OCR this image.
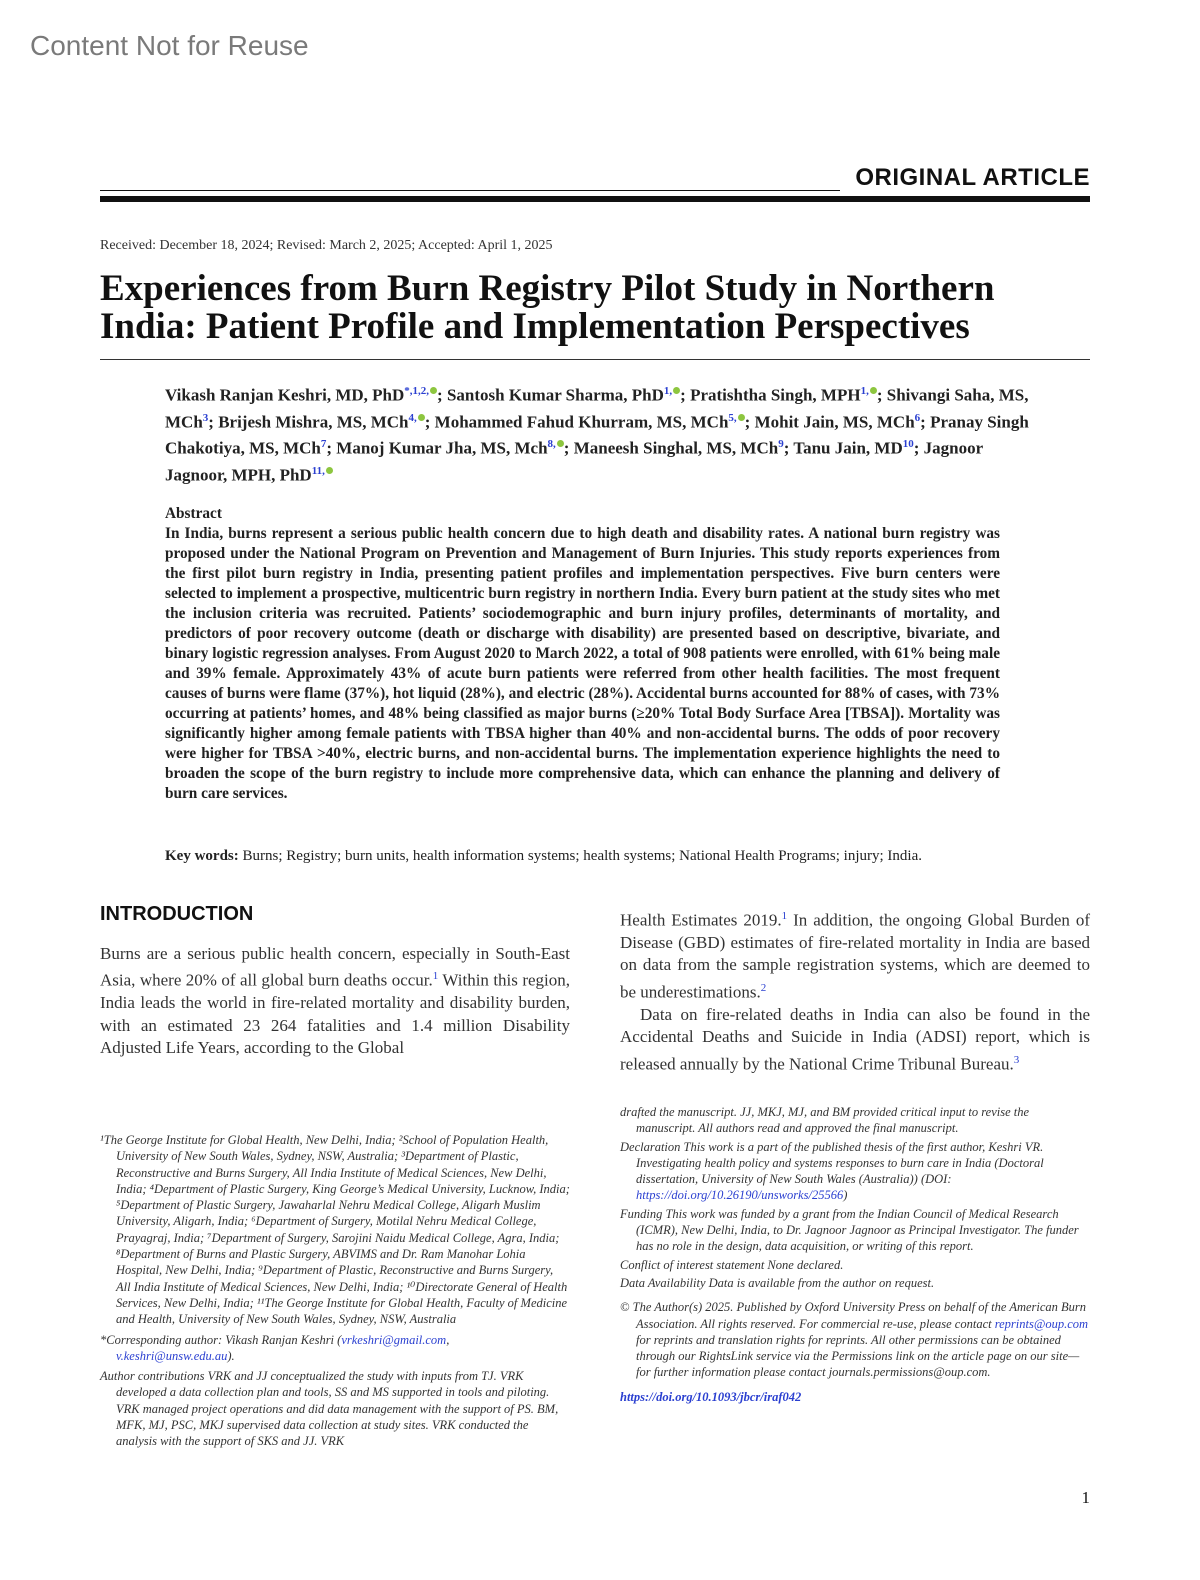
Content Not for Reuse
ORIGINAL ARTICLE
Received: December 18, 2024; Revised: March 2, 2025; Accepted: April 1, 2025
Experiences from Burn Registry Pilot Study in Northern India: Patient Profile and Implementation Perspectives
Vikash Ranjan Keshri, MD, PhD$^{*,1,2,}$ ; Santosh Kumar Sharma, PhD$^{1,}$ ; Pratishtha Singh, MPH$^{1,}$ ; Shivangi Saha, MS, MCh$^3$; Brijesh Mishra, MS, MCh$^{4,}$ ; Mohammed Fahud Khurram, MS, MCh$^{5,}$ ; Mohit Jain, MS, MCh$^6$; Pranay Singh Chakotiya, MS, MCh$^7$; Manoj Kumar Jha, MS, Mch$^{8,}$ ; Maneesh Singhal, MS, MCh$^9$; Tanu Jain, MD$^{10}$; Jagnoor Jagnoor, MPH, PhD$^{11,}$

Abstract

In India, burns represent a serious public health concern due to high death and disability rates. A national burn registry was proposed under the National Program on Prevention and Management of Burn Injuries. This study reports experiences from the first pilot burn registry in India, presenting patient profiles and implementation perspectives. Five burn centers were selected to implement a prospective, multicentric burn registry in northern India. Every burn patient at the study sites who met the inclusion criteria was recruited. Patients’ sociodemographic and burn injury profiles, determinants of mortality, and predictors of poor recovery outcome (death or discharge with disability) are presented based on descriptive, bivariate, and binary logistic regression analyses. From August 2020 to March 2022, a total of 908 patients were enrolled, with 61% being male and 39% female. Approximately 43% of acute burn patients were referred from other health facilities. The most frequent causes of burns were flame (37%), hot liquid (28%), and electric (28%). Accidental burns accounted for 88% of cases, with 73% occurring at patients’ homes, and 48% being classified as major burns (≥20% Total Body Surface Area [TBSA]). Mortality was significantly higher among female patients with TBSA higher than 40% and non-accidental burns. The odds of poor recovery were higher for TBSA >40%, electric burns, and non-accidental burns. The implementation experience highlights the need to broaden the scope of the burn registry to include more comprehensive data, which can enhance the planning and delivery of burn care services.

Key words: Burns; Registry; burn units, health information systems; health systems; National Health Programs; injury; India.
INTRODUCTION

Burns are a serious public health concern, especially in South-East Asia, where 20% of all global burn deaths occur.$^1$ Within this region, India leads the world in fire-related mortality and disability burden, with an estimated 23 264 fatalities and 1.4 million Disability Adjusted Life Years, according to the Global

Health Estimates 2019.$^1$ In addition, the ongoing Global Burden of Disease (GBD) estimates of fire-related mortality in India are based on data from the sample registration systems, which are deemed to be underestimations.$^2$

Data on fire-related deaths in India can also be found in the Accidental Deaths and Suicide in India (ADSI) report, which is released annually by the National Crime Tribunal Bureau.$^3$

¹The George Institute for Global Health, New Delhi, India; ²School of Population Health, University of New South Wales, Sydney, NSW, Australia; ³Department of Plastic, Reconstructive and Burns Surgery, All India Institute of Medical Sciences, New Delhi, India; ⁴Department of Plastic Surgery, King George’s Medical University, Lucknow, India; ⁵Department of Plastic Surgery, Jawaharlal Nehru Medical College, Aligarh Muslim University, Aligarh, India; ⁶Department of Surgery, Motilal Nehru Medical College, Prayagraj, India; ⁷Department of Surgery, Sarojini Naidu Medical College, Agra, India; ⁸Department of Burns and Plastic Surgery, ABVIMS and Dr. Ram Manohar Lohia Hospital, New Delhi, India; ⁹Department of Plastic, Reconstructive and Burns Surgery, All India Institute of Medical Sciences, New Delhi, India; ¹⁰Directorate General of Health Services, New Delhi, India; ¹¹The George Institute for Global Health, Faculty of Medicine and Health, University of New South Wales, Sydney, NSW, Australia

*Corresponding author: Vikash Ranjan Keshri (vrkeshri@gmail.com, v.keshri@unsw.edu.au).

Author contributions VRK and JJ conceptualized the study with inputs from TJ. VRK developed a data collection plan and tools, SS and MS supported in tools and piloting. VRK managed project operations and did data management with the support of PS. BM, MFK, MJ, PSC, MKJ supervised data collection at study sites. VRK conducted the analysis with the support of SKS and JJ. VRK

drafted the manuscript. JJ, MKJ, MJ, and BM provided critical input to revise the manuscript. All authors read and approved the final manuscript.

Declaration This work is a part of the published thesis of the first author, Keshri VR. Investigating health policy and systems responses to burn care in India (Doctoral dissertation, University of New South Wales (Australia)) (DOI: https://doi.org/10.26190/unsworks/25566)

Funding This work was funded by a grant from the Indian Council of Medical Research (ICMR), New Delhi, India, to Dr. Jagnoor Jagnoor as Principal Investigator. The funder has no role in the design, data acquisition, or writing of this report.

Conflict of interest statement None declared.

Data Availability Data is available from the author on request.

© The Author(s) 2025. Published by Oxford University Press on behalf of the American Burn Association. All rights reserved. For commercial re-use, please contact reprints@oup.com for reprints and translation rights for reprints. All other permissions can be obtained through our RightsLink service via the Permissions link on the article page on our site—for further information please contact journals.permissions@oup.com.

https://doi.org/10.1093/jbcr/iraf042

1
